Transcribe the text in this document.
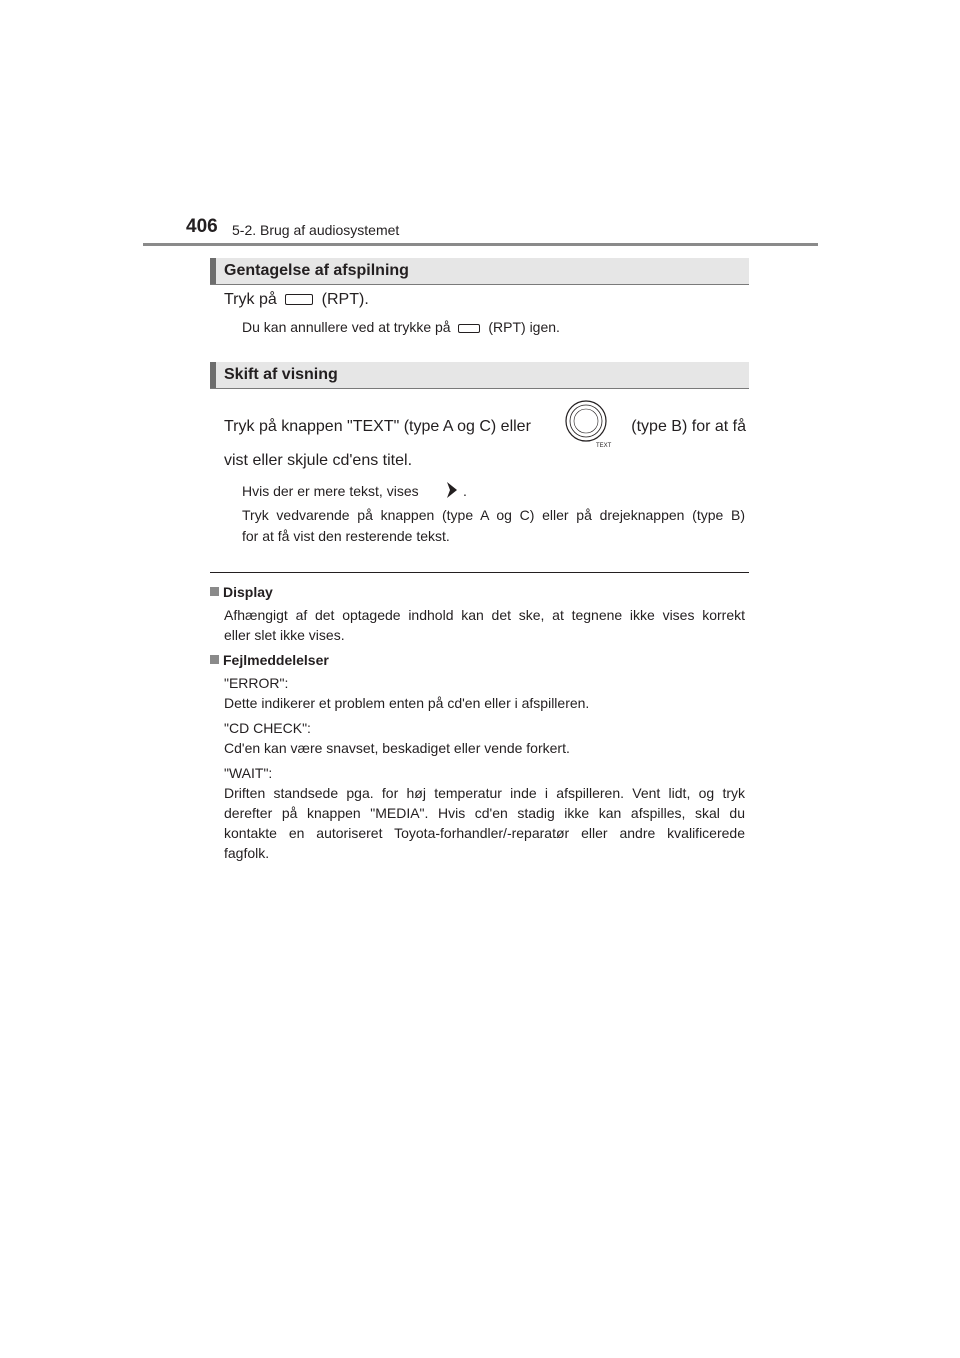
406 5-2. Brug af audiosystemet
Gentagelse af afspilning
Tryk på	(RPT).
Du kan annullere ved at trykke på	(RPT) igen.
Skift af visning
Tryk på knappen "TEXT" (type A og C) eller
TEXT
(type B) for at få
vist eller skjule cd'ens titel.
Hvis der er mere tekst, vises	.
Tryk vedvarende på knappen (type A og C) eller på drejeknappen (type B)
for at få vist den resterende tekst.
Display
Afhængigt af det optagede indhold kan det ske, at tegnene ikke vises korrekt
eller slet ikke vises.
Fejlmeddelelser
"ERROR":
Dette indikerer et problem enten på cd'en eller i afspilleren.
"CD CHECK":
Cd'en kan være snavset, beskadiget eller vende forkert.
"WAIT":
Driften standsede pga. for høj temperatur inde i afspilleren. Vent lidt, og tryk
derefter på knappen "MEDIA". Hvis cd'en stadig ikke kan afspilles, skal du
kontakte en autoriseret Toyota-forhandler/-reparatør eller andre kvalificerede
fagfolk.
